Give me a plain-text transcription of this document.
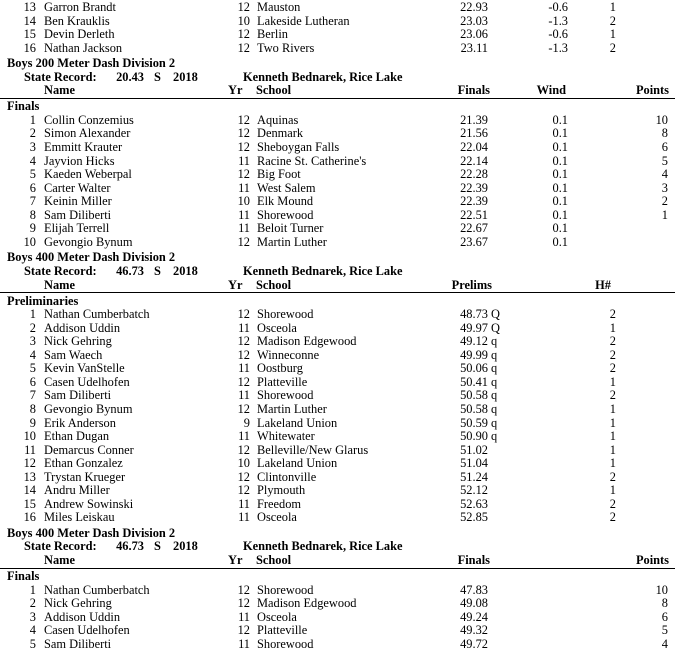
13 Garron Brandt	12 Mauston	22.93	-0.6	1
14 Ben Krauklis	10 Lakeside Lutheran	23.03	-1.3	2
15 Devin Derleth	12 Berlin	23.06	-0.6	1
16 Nathan Jackson	12 Two Rivers	23.11	-1.3	2
Boys 200 Meter Dash Division 2
State Record:	20.43 S 2018	Kenneth Bednarek, Rice Lake
Name	Yr School	Finals	Wind	Points
Finals
1 Collin Conzemius	12 Aquinas	21.39	0.1	10
2 Simon Alexander	12 Denmark	21.56	0.1	8
3 Emmitt Krauter	12 Sheboygan Falls	22.04	0.1	6
4 Jayvion Hicks	11 Racine St. Catherine's	22.14	0.1	5
5 Kaeden Weberpal	12 Big Foot	22.28	0.1	4
6 Carter Walter	11 West Salem	22.39	0.1	3
7 Keinin Miller	10 Elk Mound	22.39	0.1	2
8 Sam Diliberti	11 Shorewood	22.51	0.1	1
9 Elijah Terrell	11 Beloit Turner	22.67	0.1
10 Gevongio Bynum	12 Martin Luther	23.67	0.1
Boys 400 Meter Dash Division 2
State Record:	46.73 S 2018	Kenneth Bednarek, Rice Lake
Name	Yr School	Prelims	H#
Preliminaries
1 Nathan Cumberbatch	12 Shorewood	48.73 Q	2
2 Addison Uddin	11 Osceola	49.97 Q	1
3 Nick Gehring	12 Madison Edgewood	49.12 q	2
4 Sam Waech	12 Winneconne	49.99 q	2
5 Kevin VanStelle	11 Oostburg	50.06 q	2
6 Casen Udelhofen	12 Platteville	50.41 q	1
7 Sam Diliberti	11 Shorewood	50.58 q	2
8 Gevongio Bynum	12 Martin Luther	50.58 q	1
9 Erik Anderson	9 Lakeland Union	50.59 q	1
10 Ethan Dugan	11 Whitewater	50.90 q	1
11 Demarcus Conner	12 Belleville/New Glarus	51.02	1
12 Ethan Gonzalez	10 Lakeland Union	51.04	1
13 Trystan Krueger	12 Clintonville	51.24	2
14 Andru Miller	12 Plymouth	52.12	1
15 Andrew Sowinski	11 Freedom	52.63	2
16 Miles Leiskau	11 Osceola	52.85	2
Boys 400 Meter Dash Division 2
State Record:	46.73 S 2018	Kenneth Bednarek, Rice Lake
Name	Yr School	Finals	Points
Finals
1 Nathan Cumberbatch	12 Shorewood	47.83	10
2 Nick Gehring	12 Madison Edgewood	49.08	8
3 Addison Uddin	11 Osceola	49.24	6
4 Casen Udelhofen	12 Platteville	49.32	5
5 Sam Diliberti	11 Shorewood	49.72	4
